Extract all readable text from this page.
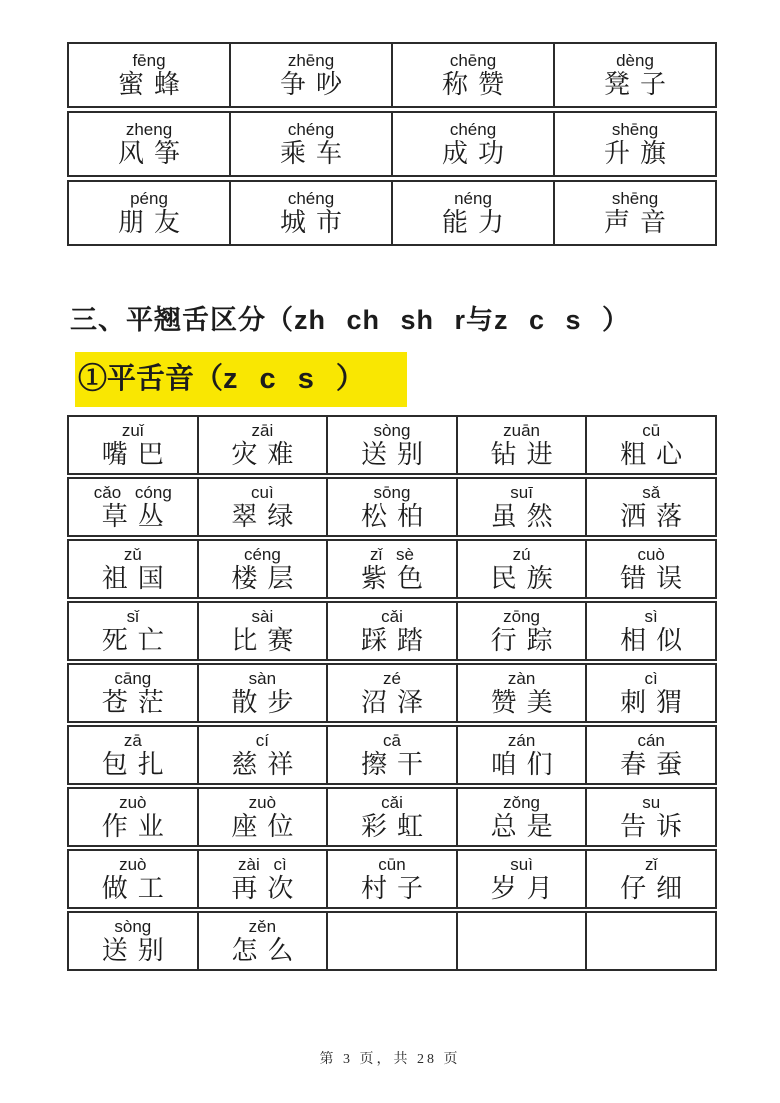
fēng
蜜蜂
zhēng
争吵
chēng
称赞
dèng
凳子
zheng
风筝
chéng
乘车
chéng
成功
shēng
升旗
péng
朋友
chéng
城市
néng
能力
shēng
声音
三、平翘舌区分（zh ch sh r与z c s ）
①平舌音（z c s ）
zuǐ
嘴巴
zāi
灾难
sòng
送别
zuān
钻进
cū
粗心
cǎo cóng
草丛
cuì
翠绿
sōng
松柏
suī
虽然
sǎ
洒落
zǔ
祖国
céng
楼层
zǐ sè
紫色
zú
民族
cuò
错误
sǐ
死亡
sài
比赛
cǎi
踩踏
zōng
行踪
sì
相似
cāng
苍茫
sàn
散步
zé
沼泽
zàn
赞美
cì
刺猬
zā
包扎
cí
慈祥
cā
擦干
zán
咱们
cán
春蚕
zuò
作业
zuò
座位
cǎi
彩虹
zǒng
总是
su
告诉
zuò
做工
zài cì
再次
cūn
村子
suì
岁月
zǐ
仔细
sòng
送别
zěn
怎么
第 3 页，共 28 页
